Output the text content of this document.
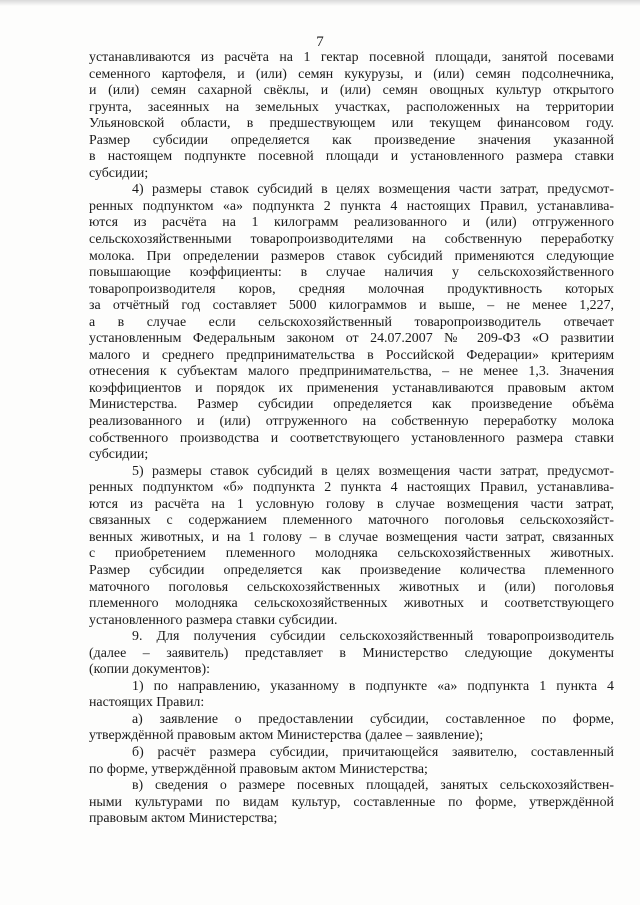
7
устанавливаются из расчёта на 1 гектар посевной площади, занятой посевами
семенного картофеля, и (или) семян кукурузы, и (или) семян подсолнечника,
и (или) семян сахарной свёклы, и (или) семян овощных культур открытого
грунта, засеянных на земельных участках, расположенных на территории
Ульяновской области, в предшествующем или текущем финансовом году.
Размер субсидии определяется как произведение значения указанной
в настоящем подпункте посевной площади и установленного размера ставки
субсидии;
4) размеры ставок субсидий в целях возмещения части затрат, предусмот-
ренных подпунктом «а» подпункта 2 пункта 4 настоящих Правил, устанавлива-
ются из расчёта на 1 килограмм реализованного и (или) отгруженного
сельскохозяйственными товаропроизводителями на собственную переработку
молока. При определении размеров ставок субсидий применяются следующие
повышающие коэффициенты: в случае наличия у сельскохозяйственного
товаропроизводителя коров, средняя молочная продуктивность которых
за отчётный год составляет 5000 килограммов и выше, – не менее 1,227,
а в случае если сельскохозяйственный товаропроизводитель отвечает
установленным Федеральным законом от 24.07.2007 № 209-ФЗ «О развитии
малого и среднего предпринимательства в Российской Федерации» критериям
отнесения к субъектам малого предпринимательства, – не менее 1,3. Значения
коэффициентов и порядок их применения устанавливаются правовым актом
Министерства. Размер субсидии определяется как произведение объёма
реализованного и (или) отгруженного на собственную переработку молока
собственного производства и соответствующего установленного размера ставки
субсидии;
5) размеры ставок субсидий в целях возмещения части затрат, предусмот-
ренных подпунктом «б» подпункта 2 пункта 4 настоящих Правил, устанавлива-
ются из расчёта на 1 условную голову в случае возмещения части затрат,
связанных с содержанием племенного маточного поголовья сельскохозяйст-
венных животных, и на 1 голову – в случае возмещения части затрат, связанных
с приобретением племенного молодняка сельскохозяйственных животных.
Размер субсидии определяется как произведение количества племенного
маточного поголовья сельскохозяйственных животных и (или) поголовья
племенного молодняка сельскохозяйственных животных и соответствующего
установленного размера ставки субсидии.
9. Для получения субсидии сельскохозяйственный товаропроизводитель
(далее – заявитель) представляет в Министерство следующие документы
(копии документов):
1) по направлению, указанному в подпункте «а» подпункта 1 пункта 4
настоящих Правил:
а) заявление о предоставлении субсидии, составленное по форме,
утверждённой правовым актом Министерства (далее – заявление);
б) расчёт размера субсидии, причитающейся заявителю, составленный
по форме, утверждённой правовым актом Министерства;
в) сведения о размере посевных площадей, занятых сельскохозяйствен-
ными культурами по видам культур, составленные по форме, утверждённой
правовым актом Министерства;
